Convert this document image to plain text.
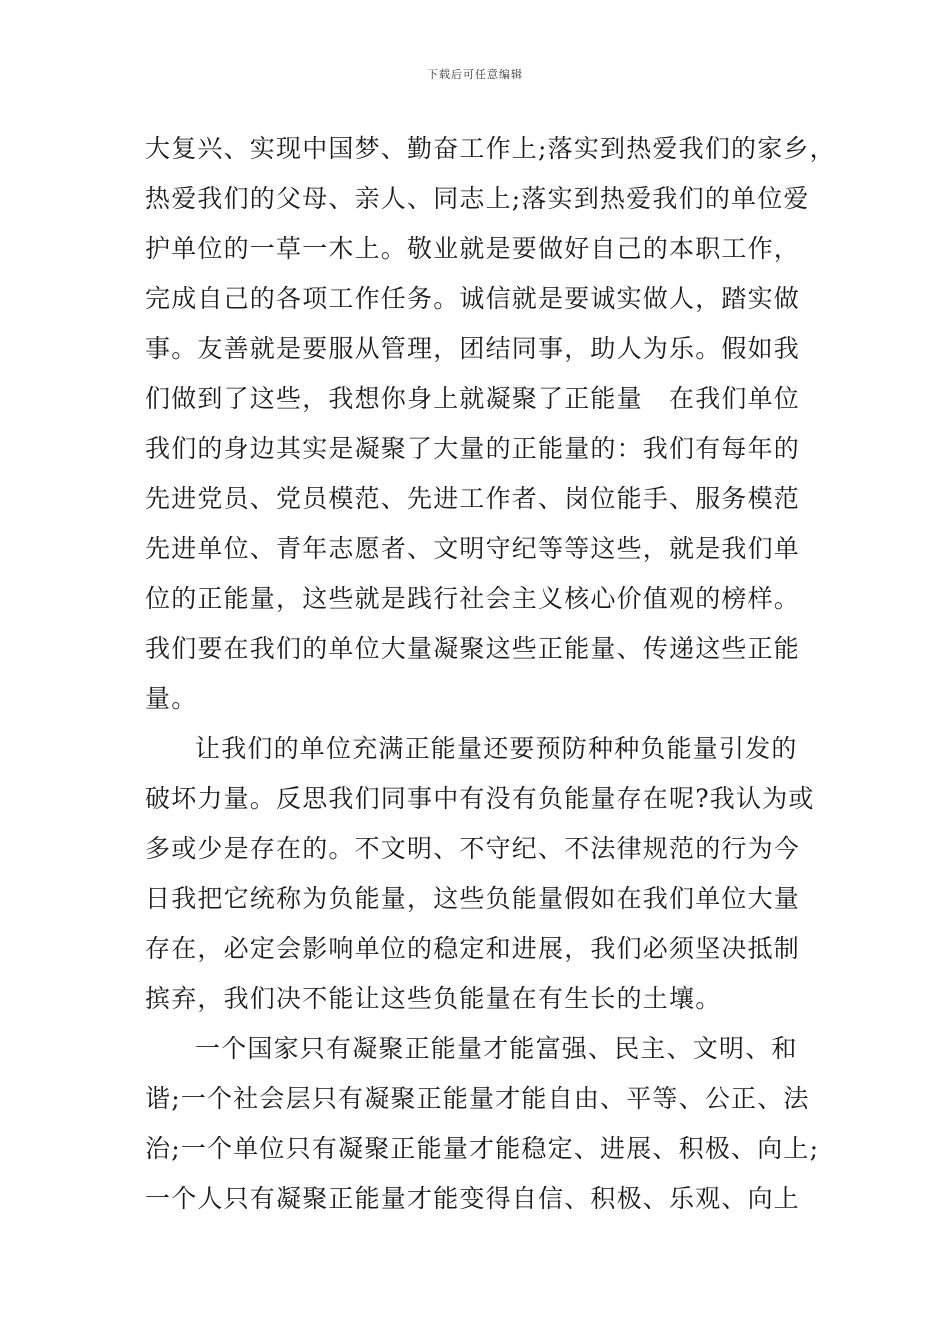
下载后可任意编辑
大复兴、实现中国梦、勤奋工作上;落实到热爱我们的家乡，
热爱我们的父母、亲人、同志上;落实到热爱我们的单位爱
护单位的一草一木上。敬业就是要做好自己的本职工作，
完成自己的各项工作任务。诚信就是要诚实做人，踏实做
事。友善就是要服从管理，团结同事，助人为乐。假如我
们做到了这些，我想你身上就凝聚了正能量　在我们单位
我们的身边其实是凝聚了大量的正能量的：我们有每年的
先进党员、党员模范、先进工作者、岗位能手、服务模范
先进单位、青年志愿者、文明守纪等等这些，就是我们单
位的正能量，这些就是践行社会主义核心价值观的榜样。
我们要在我们的单位大量凝聚这些正能量、传递这些正能
量。
让我们的单位充满正能量还要预防种种负能量引发的
破坏力量。反思我们同事中有没有负能量存在呢?我认为或
多或少是存在的。不文明、不守纪、不法律规范的行为今
日我把它统称为负能量，这些负能量假如在我们单位大量
存在，必定会影响单位的稳定和进展，我们必须坚决抵制
摈弃，我们决不能让这些负能量在有生长的土壤。
一个国家只有凝聚正能量才能富强、民主、文明、和
谐;一个社会层只有凝聚正能量才能自由、平等、公正、法
治;一个单位只有凝聚正能量才能稳定、进展、积极、向上;
一个人只有凝聚正能量才能变得自信、积极、乐观、向上
